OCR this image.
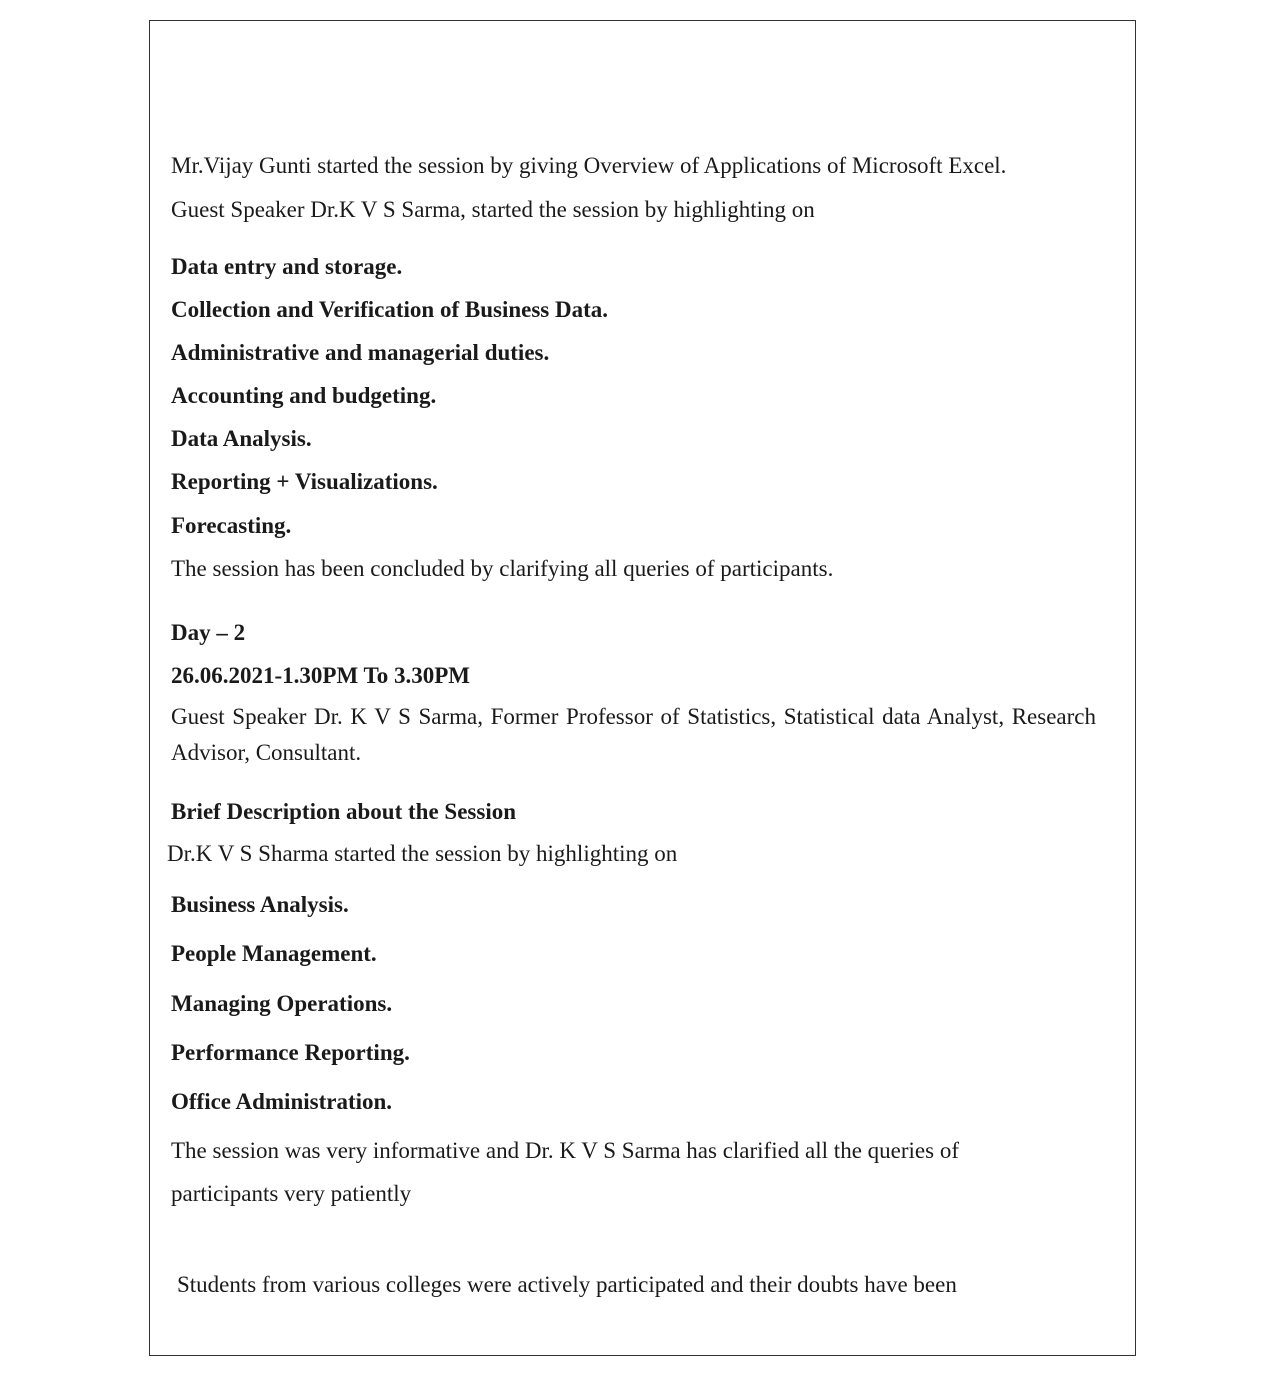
Mr.Vijay Gunti started the session by giving Overview of Applications of Microsoft Excel.
Guest Speaker Dr.K V S Sarma, started the session by highlighting on
Data entry and storage.
Collection and Verification of Business Data.
Administrative and managerial duties.
Accounting and budgeting.
Data Analysis.
Reporting + Visualizations.
Forecasting.
The session has been concluded by clarifying all queries of participants.
Day – 2
26.06.2021-1.30PM To 3.30PM
Guest Speaker Dr. K V S Sarma, Former Professor of Statistics, Statistical data Analyst, Research Advisor, Consultant.
Brief Description about the Session
Dr.K V S Sharma started the session by highlighting on
Business Analysis.
People Management.
Managing Operations.
Performance Reporting.
Office Administration.
The session was very informative and Dr. K V S Sarma has clarified all the queries of
participants very patiently
Students from various colleges were actively participated and their doubts have been
